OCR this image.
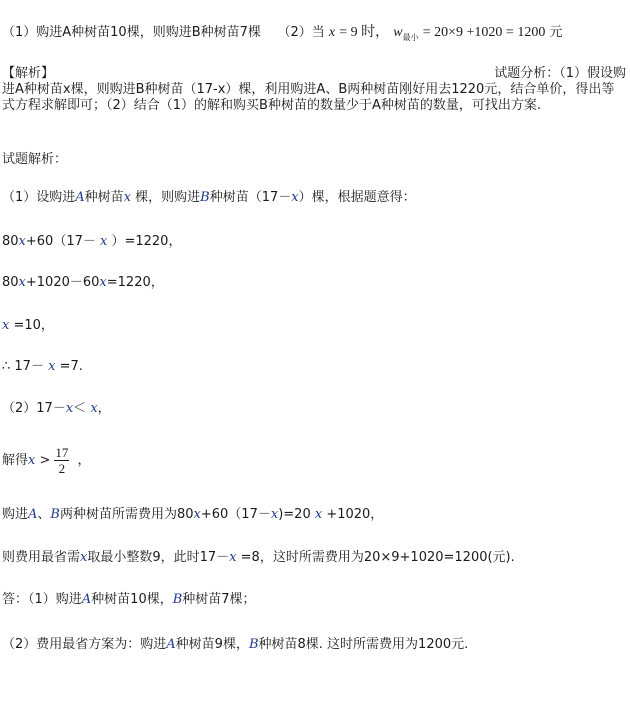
（1）购进A种树苗10棵，则购进B种树苗7棵 （2）当 x = 9 时， $w_{最小} = 20\times 9 +1020 = 1200$ 元
【解析】	试题分析：（1）假设购
进A种树苗x棵，则购进B种树苗（17-x）棵，利用购进A、B两种树苗刚好用去1220元，结合单价，得出等式方程求解即可；（2）结合（1）的解和购买B种树苗的数量少于A种树苗的数量，可找出方案.
试题解析：
（1）设购进A种树苗x 棵，则购进B种树苗（17－x）棵，根据题意得：
80x+60（17－ x ）=1220，
80x+1020－60x=1220，
x =10，
∴ 17－ x =7.
（2）17－x＜ x，
解得$x > \frac{17}{2}$ ，
购进A、B两种树苗所需费用为80x+60（17－x)=20 x +1020，
则费用最省需x取最小整数9，此时17－x =8，这时所需费用为20×9+1020=1200(元).
答：（1）购进A种树苗10棵，B种树苗7棵；
（2）费用最省方案为：购进A种树苗9棵，B种树苗8棵. 这时所需费用为1200元.
